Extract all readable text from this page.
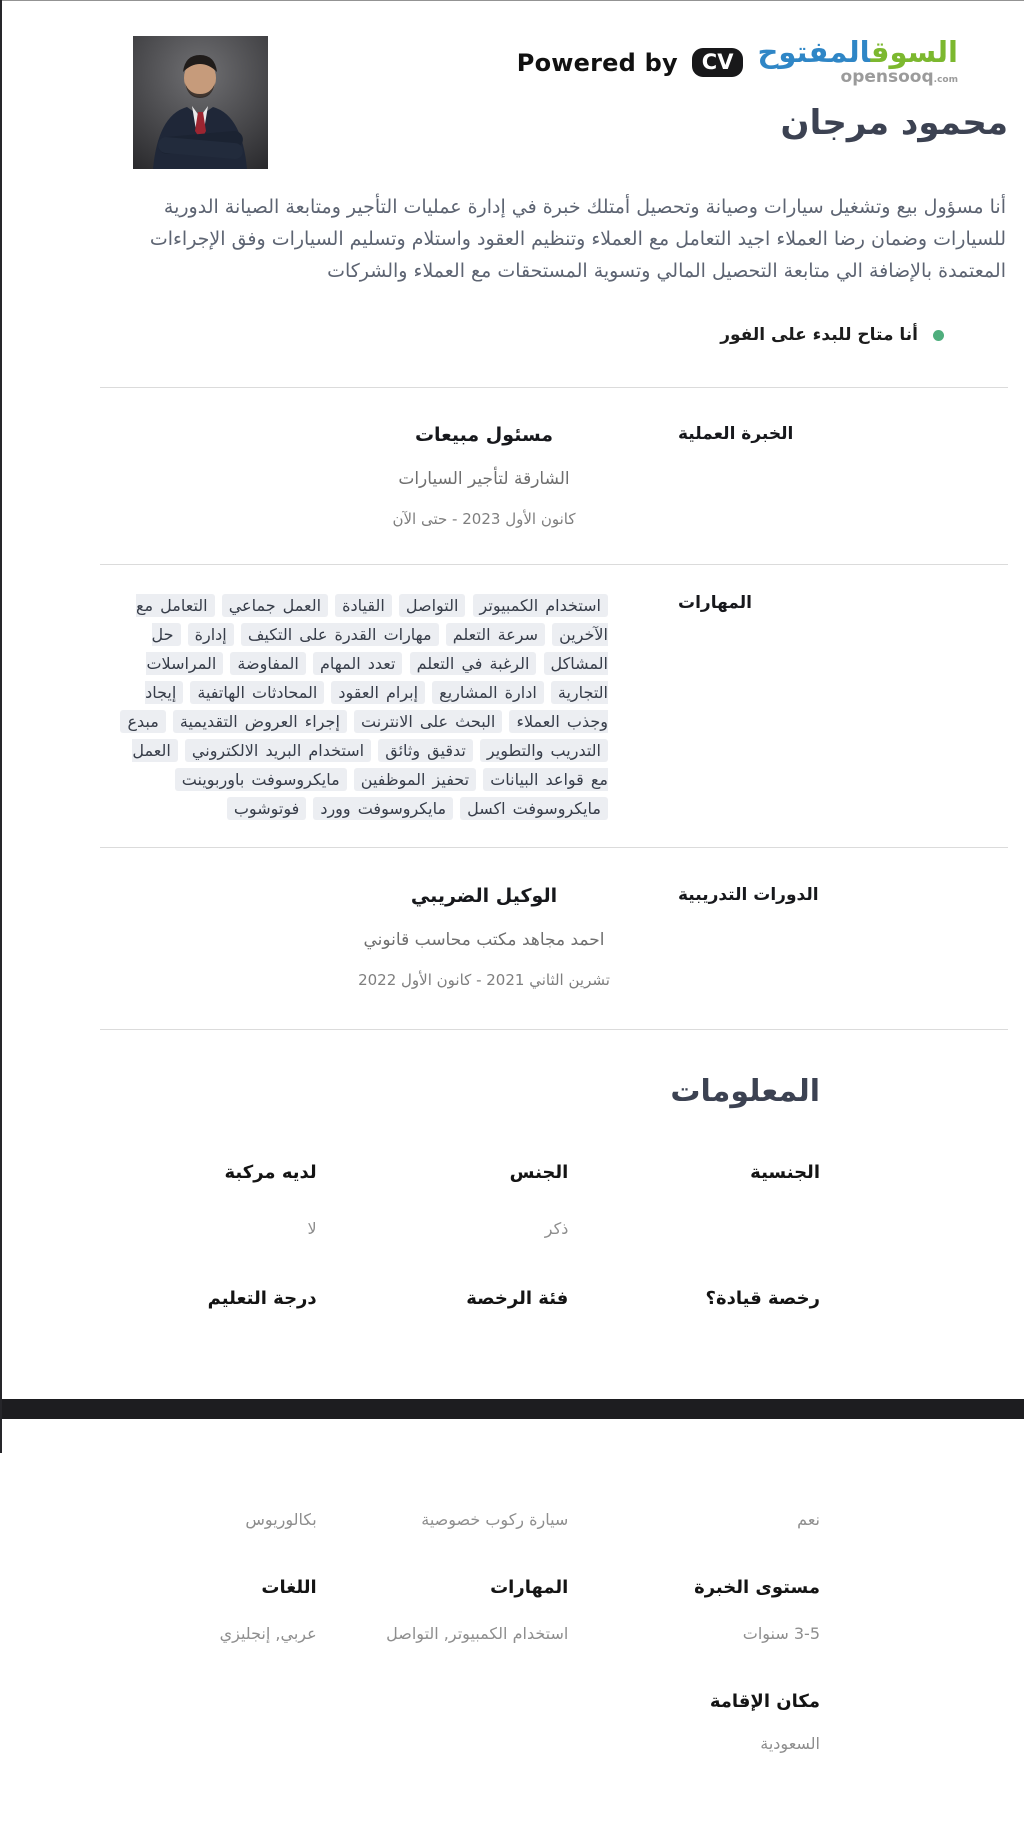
Powered by	CV	السوقالمفتوح
opensooq.com
محمود مرجان

أنا مسؤول بيع وتشغيل سيارات وصيانة وتحصيل أمتلك خبرة في إدارة عمليات التأجير ومتابعة الصيانة الدورية للسيارات وضمان رضا العملاء اجيد التعامل مع العملاء وتنظيم العقود واستلام وتسليم السيارات وفق الإجراءات المعتمدة بالإضافة الي متابعة التحصيل المالي وتسوية المستحقات مع العملاء والشركات

أنا متاح للبدء على الفور
مسئول مبيعات
الشارقة لتأجير السيارات
كانون الأول 2023 - حتى الآن
الخبرة العملية
استخدام الكمبيوتر التواصل القيادة العمل جماعي التعامل مع الآخرين سرعة التعلم مهارات القدرة على التكيف إدارة حل المشاكل الرغبة في التعلم تعدد المهام المفاوضة المراسلات التجارية ادارة المشاريع إبرام العقود المحادثات الهاتفية إيجاد وجذب العملاء البحث على الانترنت إجراء العروض التقديمية مبدع التدريب والتطوير تدقيق وثائق استخدام البريد الالكتروني العمل مع قواعد البيانات تحفيز الموظفين مايكروسوفت باوربوينت مايكروسوفت اكسل مايكروسوفت وورد فوتوشوب
المهارات
الوكيل الضريبي
احمد مجاهد مكتب محاسب قانوني
تشرين الثاني 2021 - كانون الأول 2022
الدورات التدريبية
المعلومات
الجنسية
الجنس
لديه مركبة
ذكر
لا
رخصة قيادة؟
فئة الرخصة
درجة التعليم
نعم
سيارة ركوب خصوصية
بكالوريوس
مستوى الخبرة
المهارات
اللغات
3-5 سنوات
استخدام الكمبيوتر, التواصل
عربي, إنجليزي
مكان الإقامة
السعودية
